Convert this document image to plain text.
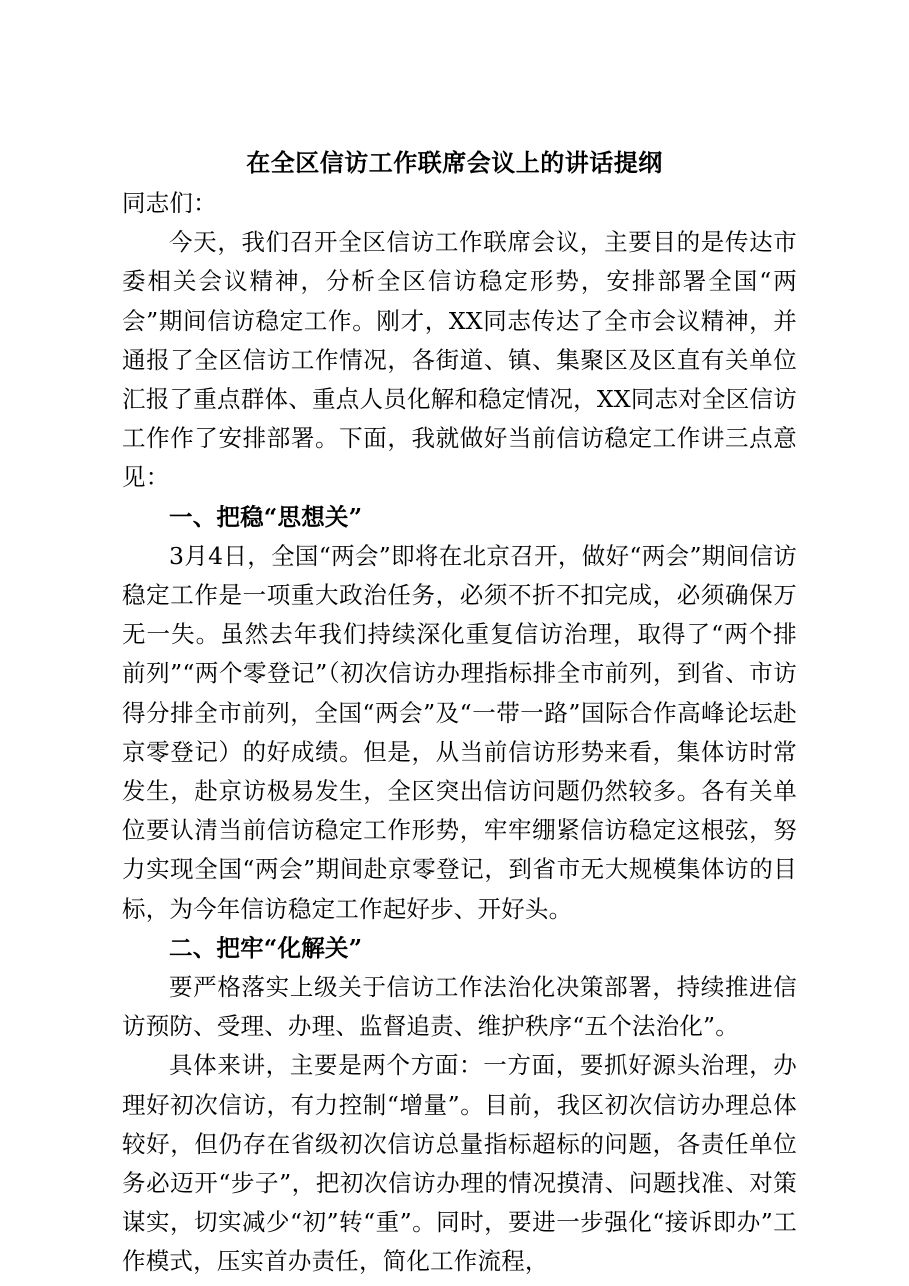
在全区信访工作联席会议上的讲话提纲

同志们：

今天，我们召开全区信访工作联席会议，主要目的是传达市委相关会议精神，分析全区信访稳定形势，安排部署全国“两会”期间信访稳定工作。刚才，XX同志传达了全市会议精神，并通报了全区信访工作情况，各街道、镇、集聚区及区直有关单位汇报了重点群体、重点人员化解和稳定情况，XX同志对全区信访工作作了安排部署。下面，我就做好当前信访稳定工作讲三点意见：

一、把稳“思想关”

3月4日，全国“两会”即将在北京召开，做好“两会”期间信访稳定工作是一项重大政治任务，必须不折不扣完成，必须确保万无一失。虽然去年我们持续深化重复信访治理，取得了“两个排前列”“两个零登记”（初次信访办理指标排全市前列，到省、市访得分排全市前列，全国“两会”及“一带一路”国际合作高峰论坛赴京零登记）的好成绩。但是，从当前信访形势来看，集体访时常发生，赴京访极易发生，全区突出信访问题仍然较多。各有关单位要认清当前信访稳定工作形势，牢牢绷紧信访稳定这根弦，努力实现全国“两会”期间赴京零登记，到省市无大规模集体访的目标，为今年信访稳定工作起好步、开好头。

二、把牢“化解关”

要严格落实上级关于信访工作法治化决策部署，持续推进信访预防、受理、办理、监督追责、维护秩序“五个法治化”。

具体来讲，主要是两个方面：一方面，要抓好源头治理，办理好初次信访，有力控制“增量”。目前，我区初次信访办理总体较好，但仍存在省级初次信访总量指标超标的问题，各责任单位务必迈开“步子”，把初次信访办理的情况摸清、问题找准、对策谋实，切实减少“初”转“重”。同时，要进一步强化“接诉即办”工作模式，压实首办责任，简化工作流程，
